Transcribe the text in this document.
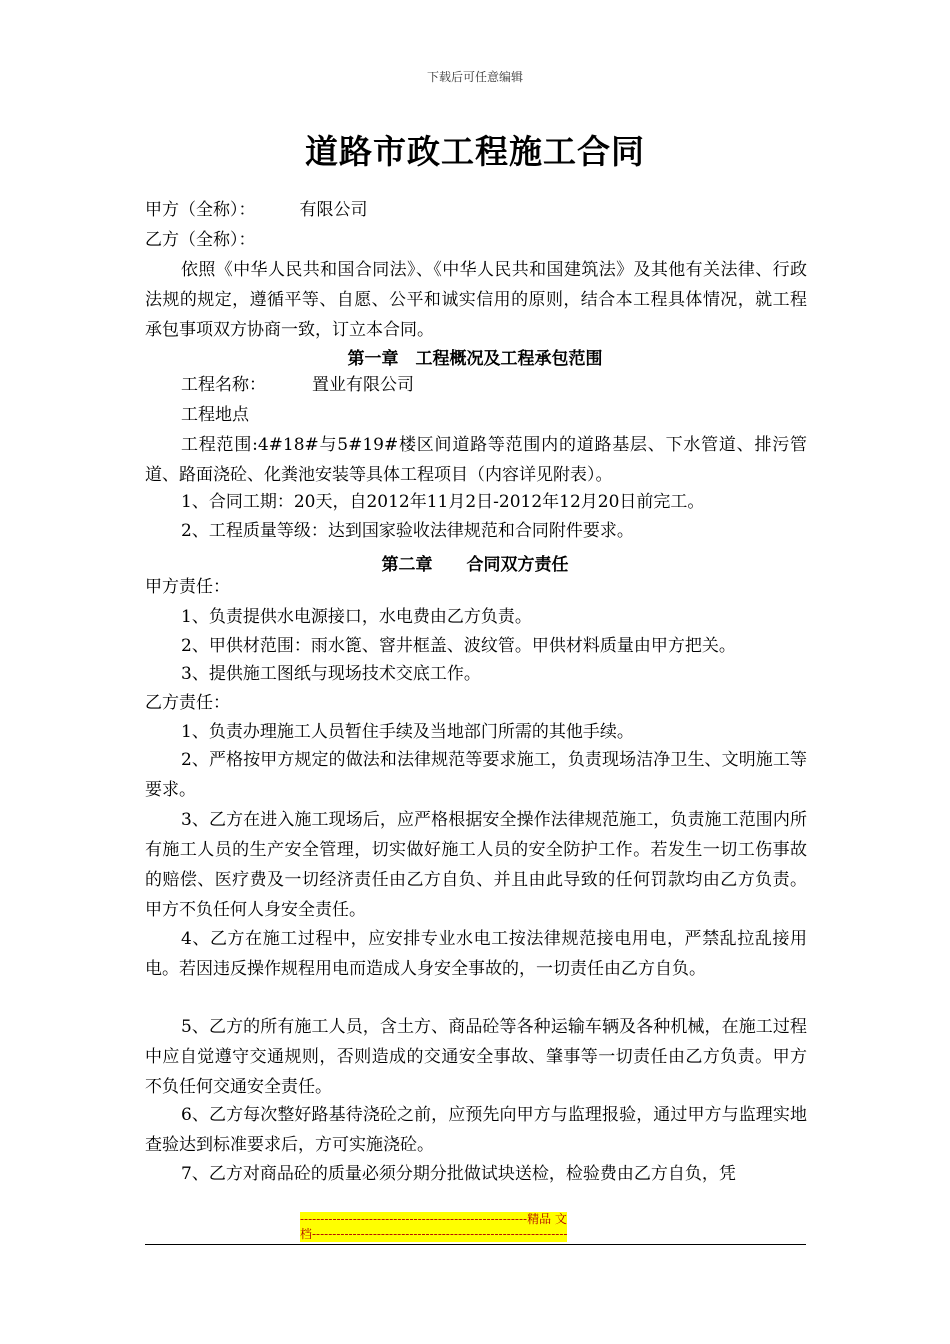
下载后可任意编辑
道路市政工程施工合同
甲方（全称）：	有限公司
乙方（全称）：

依照《中华人民共和国合同法》、《中华人民共和国建筑法》及其他有关法律、行政法规的规定，遵循平等、自愿、公平和诚实信用的原则，结合本工程具体情况，就工程承包事项双方协商一致，订立本合同。

第一章　工程概况及工程承包范围
工程名称：	置业有限公司
工程地点

工程范围:4#18#与5#19#楼区间道路等范围内的道路基层、下水管道、排污管道、路面浇砼、化粪池安装等具体工程项目（内容详见附表）。

1、合同工期：20天，自2012年11月2日-2012年12月20日前完工。
2、工程质量等级：达到国家验收法律规范和合同附件要求。
第二章　　合同双方责任
甲方责任：
1、负责提供水电源接口，水电费由乙方负责。
2、甲供材范围：雨水篦、窨井框盖、波纹管。甲供材料质量由甲方把关。
3、提供施工图纸与现场技术交底工作。
乙方责任：
1、负责办理施工人员暂住手续及当地部门所需的其他手续。

2、严格按甲方规定的做法和法律规范等要求施工，负责现场洁净卫生、文明施工等要求。

3、乙方在进入施工现场后，应严格根据安全操作法律规范施工，负责施工范围内所有施工人员的生产安全管理，切实做好施工人员的安全防护工作。若发生一切工伤事故的赔偿、医疗费及一切经济责任由乙方自负、并且由此导致的任何罚款均由乙方负责。甲方不负任何人身安全责任。

4、乙方在施工过程中，应安排专业水电工按法律规范接电用电，严禁乱拉乱接用电。若因违反操作规程用电而造成人身安全事故的，一切责任由乙方自负。

5、乙方的所有施工人员，含土方、商品砼等各种运输车辆及各种机械，在施工过程中应自觉遵守交通规则，否则造成的交通安全事故、肇事等一切责任由乙方负责。甲方不负任何交通安全责任。

6、乙方每次整好路基待浇砼之前，应预先向甲方与监理报验，通过甲方与监理实地查验达到标准要求后，方可实施浇砼。

7、乙方对商品砼的质量必须分期分批做试块送检，检验费由乙方自负，凭

--------------------------------------------------------精品 文
档---------------------------------------------------------------
